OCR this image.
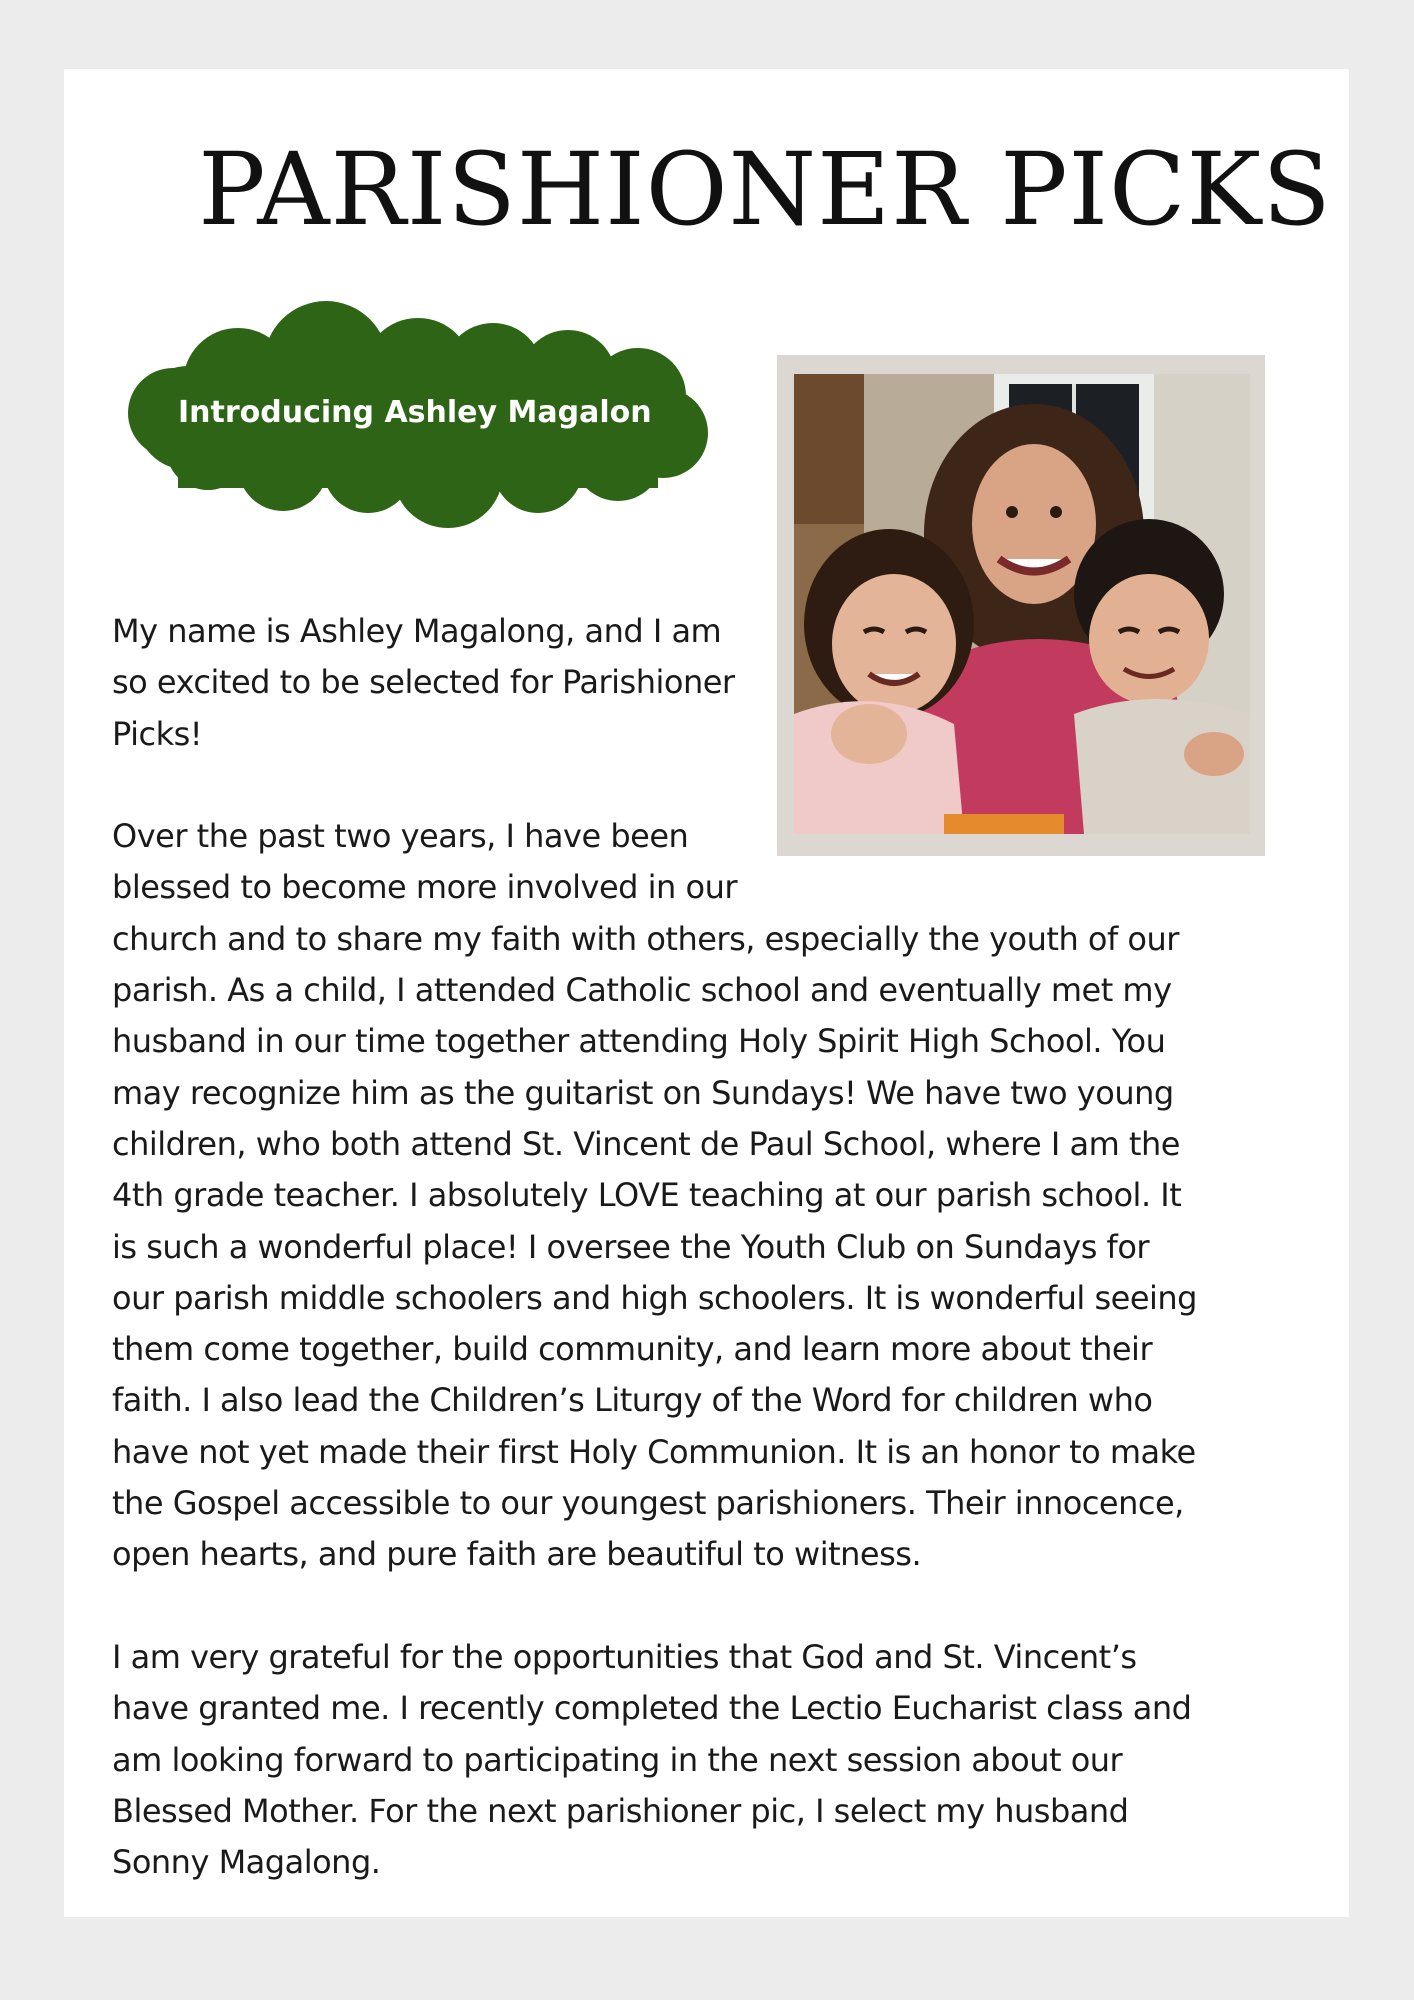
PARISHIONER PICKS
Introducing Ashley Magalon

My name is Ashley Magalong, and I am
so excited to be selected for Parishioner
Picks!

Over the past two years, I have been
blessed to become more involved in our
church and to share my faith with others, especially the youth of our
parish. As a child, I attended Catholic school and eventually met my
husband in our time together attending Holy Spirit High School. You
may recognize him as the guitarist on Sundays! We have two young
children, who both attend St. Vincent de Paul School, where I am the
4th grade teacher. I absolutely LOVE teaching at our parish school. It
is such a wonderful place! I oversee the Youth Club on Sundays for
our parish middle schoolers and high schoolers. It is wonderful seeing
them come together, build community, and learn more about their
faith. I also lead the Children’s Liturgy of the Word for children who
have not yet made their first Holy Communion. It is an honor to make
the Gospel accessible to our youngest parishioners. Their innocence,
open hearts, and pure faith are beautiful to witness.

I am very grateful for the opportunities that God and St. Vincent’s
have granted me. I recently completed the Lectio Eucharist class and
am looking forward to participating in the next session about our
Blessed Mother. For the next parishioner pic, I select my husband
Sonny Magalong.
